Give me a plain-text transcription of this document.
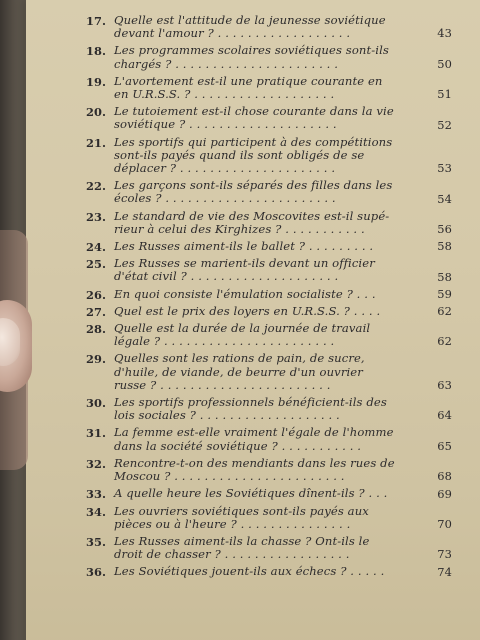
17. Quelle est l'attitude de la jeunesse soviétique
devant l'amour ? . . . . . . . . . . . . . . . . . .	43
18. Les programmes scolaires soviétiques sont-ils
chargés ? . . . . . . . . . . . . . . . . . . . . . .	50
19. L'avortement est-il une pratique courante en
en U.R.S.S. ? . . . . . . . . . . . . . . . . . . .	51
20. Le tutoiement est-il chose courante dans la vie
soviétique ? . . . . . . . . . . . . . . . . . . . .	52
21. Les sportifs qui participent à des compétitions
sont-ils payés quand ils sont obligés de se
déplacer ? . . . . . . . . . . . . . . . . . . . . .	53
22. Les garçons sont-ils séparés des filles dans les
écoles ? . . . . . . . . . . . . . . . . . . . . . . .	54
23. Le standard de vie des Moscovites est-il supé-
rieur à celui des Kirghizes ? . . . . . . . . . . .	56
24. Les Russes aiment-ils le ballet ? . . . . . . . . .	58
25. Les Russes se marient-ils devant un officier
d'état civil ? . . . . . . . . . . . . . . . . . . . .	58
26. En quoi consiste l'émulation socialiste ? . . .	59
27. Quel est le prix des loyers en U.R.S.S. ? . . . .	62
28. Quelle est la durée de la journée de travail
légale ? . . . . . . . . . . . . . . . . . . . . . . .	62
29. Quelles sont les rations de pain, de sucre,
d'huile, de viande, de beurre d'un ouvrier
russe ? . . . . . . . . . . . . . . . . . . . . . . .	63
30. Les sportifs professionnels bénéficient-ils des
lois sociales ? . . . . . . . . . . . . . . . . . . .	64
31. La femme est-elle vraiment l'égale de l'homme
dans la société soviétique ? . . . . . . . . . . .	65
32. Rencontre-t-on des mendiants dans les rues de
Moscou ? . . . . . . . . . . . . . . . . . . . . . . .	68
33. A quelle heure les Soviétiques dînent-ils ? . . .	69
34. Les ouvriers soviétiques sont-ils payés aux
pièces ou à l'heure ? . . . . . . . . . . . . . . .	70
35. Les Russes aiment-ils la chasse ? Ont-ils le
droit de chasser ? . . . . . . . . . . . . . . . . .	73
36. Les Soviétiques jouent-ils aux échecs ? . . . . .	74
